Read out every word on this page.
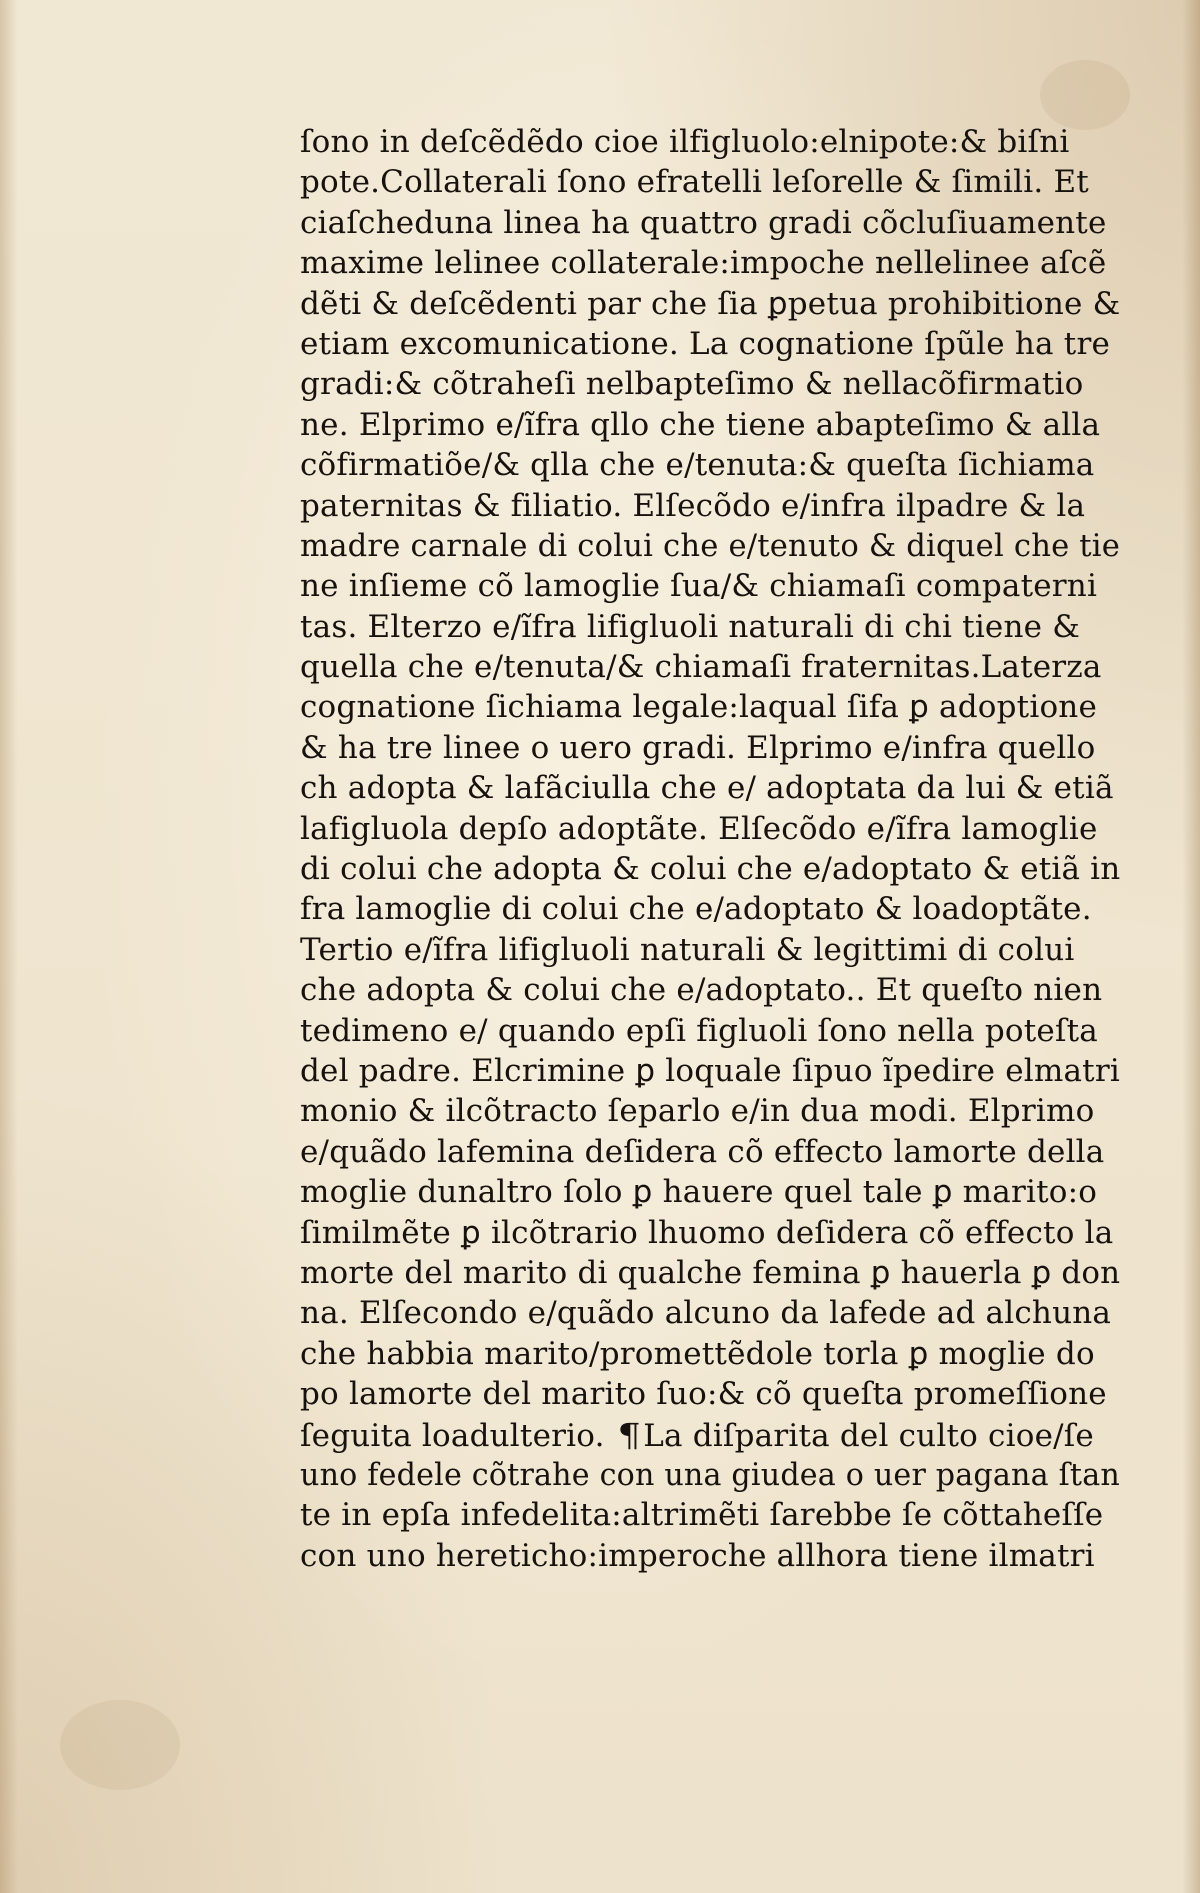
ſono in deſcẽdẽdo cioe ilfigluolo:elnipote:& biſni
pote.Collaterali ſono efratelli leſorelle & ſimili. Et
ciaſcheduna linea ha quattro gradi cõcluſiuamente
maxime lelinee collaterale:impoche nellelinee aſcẽ
dẽti & deſcẽdenti par che ſia ꝑpetua prohibitione &
etiam excomunicatione. La cognatione ſpũle ha tre
gradi:& cõtraheſi nelbapteſimo & nellacõfirmatio
ne. Elprimo e/ĩfra qllo che tiene abapteſimo & alla
cõfirmatiõe/& qlla che e/tenuta:& queſta ſichiama
paternitas & filiatio. Elſecõdo e/infra ilpadre & la
madre carnale di colui che e/tenuto & diquel che tie
ne inſieme cõ lamoglie ſua/& chiamaſi compaterni
tas. Elterzo e/ĩfra lifigluoli naturali di chi tiene &
quella che e/tenuta/& chiamaſi fraternitas.Laterza
cognatione ſichiama legale:laqual ſifa ꝑ adoptione
& ha tre linee o uero gradi. Elprimo e/infra quello
ch adopta & lafãciulla che e/ adoptata da lui & etiã
lafigluola depſo adoptãte. Elſecõdo e/ĩfra lamoglie
di colui che adopta & colui che e/adoptato & etiã in
fra lamoglie di colui che e/adoptato & loadoptãte.
Tertio e/ĩfra lifigluoli naturali & legittimi di colui
che adopta & colui che e/adoptato.. Et queſto nien
tedimeno e/ quando epſi figluoli ſono nella poteſta
del padre. Elcrimine ꝑ loquale ſipuo ĩpedire elmatri
monio & ilcõtracto ſeparlo e/in dua modi. Elprimo
e/quãdo lafemina deſidera cõ effecto lamorte della
moglie dunaltro ſolo ꝑ hauere quel tale ꝑ marito:o
ſimilmẽte ꝑ ilcõtrario lhuomo deſidera cõ effecto la
morte del marito di qualche femina ꝑ hauerla ꝑ don
na. Elſecondo e/quãdo alcuno da lafede ad alchuna
che habbia marito/promettẽdole torla ꝑ moglie do
po lamorte del marito ſuo:& cõ queſta promeſſione
ſeguita loadulterio. ¶La diſparita del culto cioe/ſe
uno fedele cõtrahe con una giudea o uer pagana ſtan
te in epſa infedelita:altrimẽti ſarebbe ſe cõttaheſſe
con uno hereticho:imperoche allhora tiene ilmatri
